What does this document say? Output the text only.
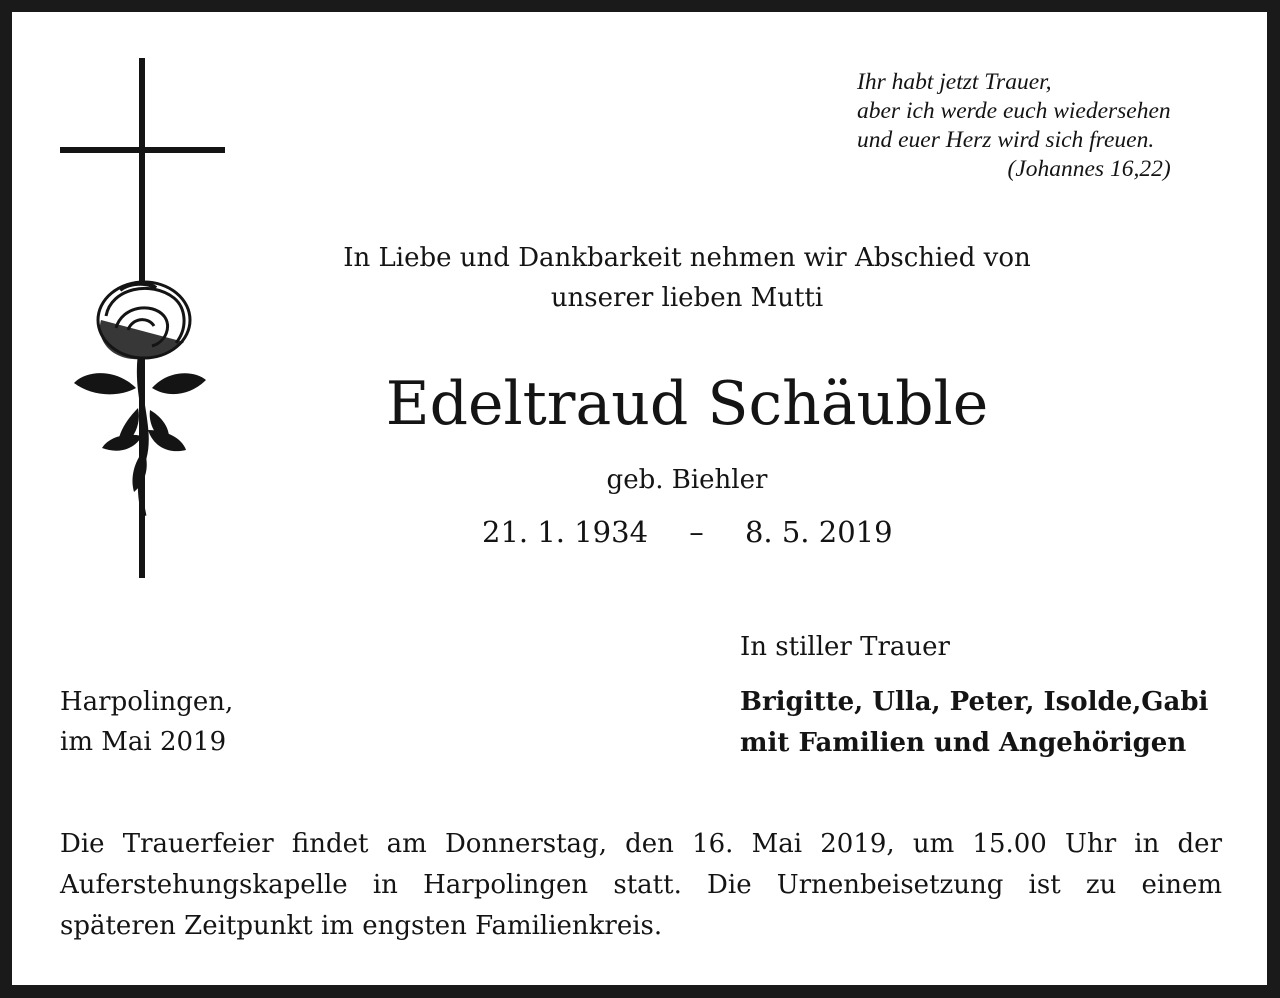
Ihr habt jetzt Trauer,
aber ich werde euch wiedersehen
und euer Herz wird sich freuen.
(Johannes 16,22)
In Liebe und Dankbarkeit nehmen wir Abschied von
unserer lieben Mutti
Edeltraud Schäuble
geb. Biehler
21. 1. 1934 – 8. 5. 2019
In stiller Trauer
Brigitte, Ulla, Peter, Isolde,Gabi
mit Familien und Angehörigen
Harpolingen,
im Mai 2019
Die Trauerfeier findet am Donnerstag, den 16. Mai 2019, um 15.00 Uhr in der
Auferstehungskapelle in Harpolingen statt. Die Urnenbeisetzung ist zu einem
späteren Zeitpunkt im engsten Familienkreis.
